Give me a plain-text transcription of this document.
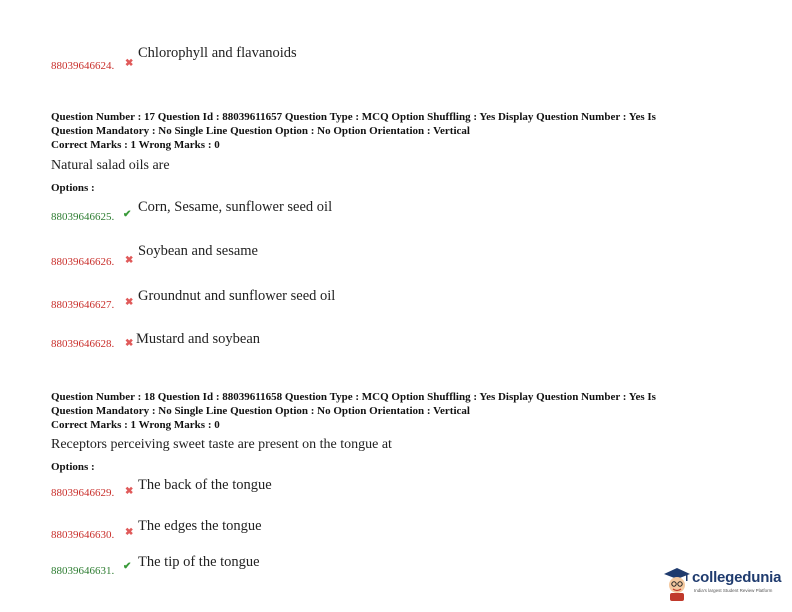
88039646624. ✖
Chlorophyll and flavanoids
Question Number : 17 Question Id : 88039611657 Question Type : MCQ Option Shuffling : Yes Display Question Number : Yes Is
Question Mandatory : No Single Line Question Option : No Option Orientation : Vertical
Correct Marks : 1 Wrong Marks : 0
Natural salad oils are
Options :
88039646625. ✔ Corn, Sesame, sunflower seed oil
88039646626. ✖
Soybean and sesame
88039646627. ✖ Groundnut and sunflower seed oil
88039646628. ✖ Mustard and soybean
Question Number : 18 Question Id : 88039611658 Question Type : MCQ Option Shuffling : Yes Display Question Number : Yes Is
Question Mandatory : No Single Line Question Option : No Option Orientation : Vertical
Correct Marks : 1 Wrong Marks : 0
Receptors perceiving sweet taste are present on the tongue at
Options :
88039646629. ✖ The back of the tongue
88039646630. ✖ The edges the tongue
88039646631. ✔ The tip of the tongue
collegedunia
India's largest Student Review Platform
